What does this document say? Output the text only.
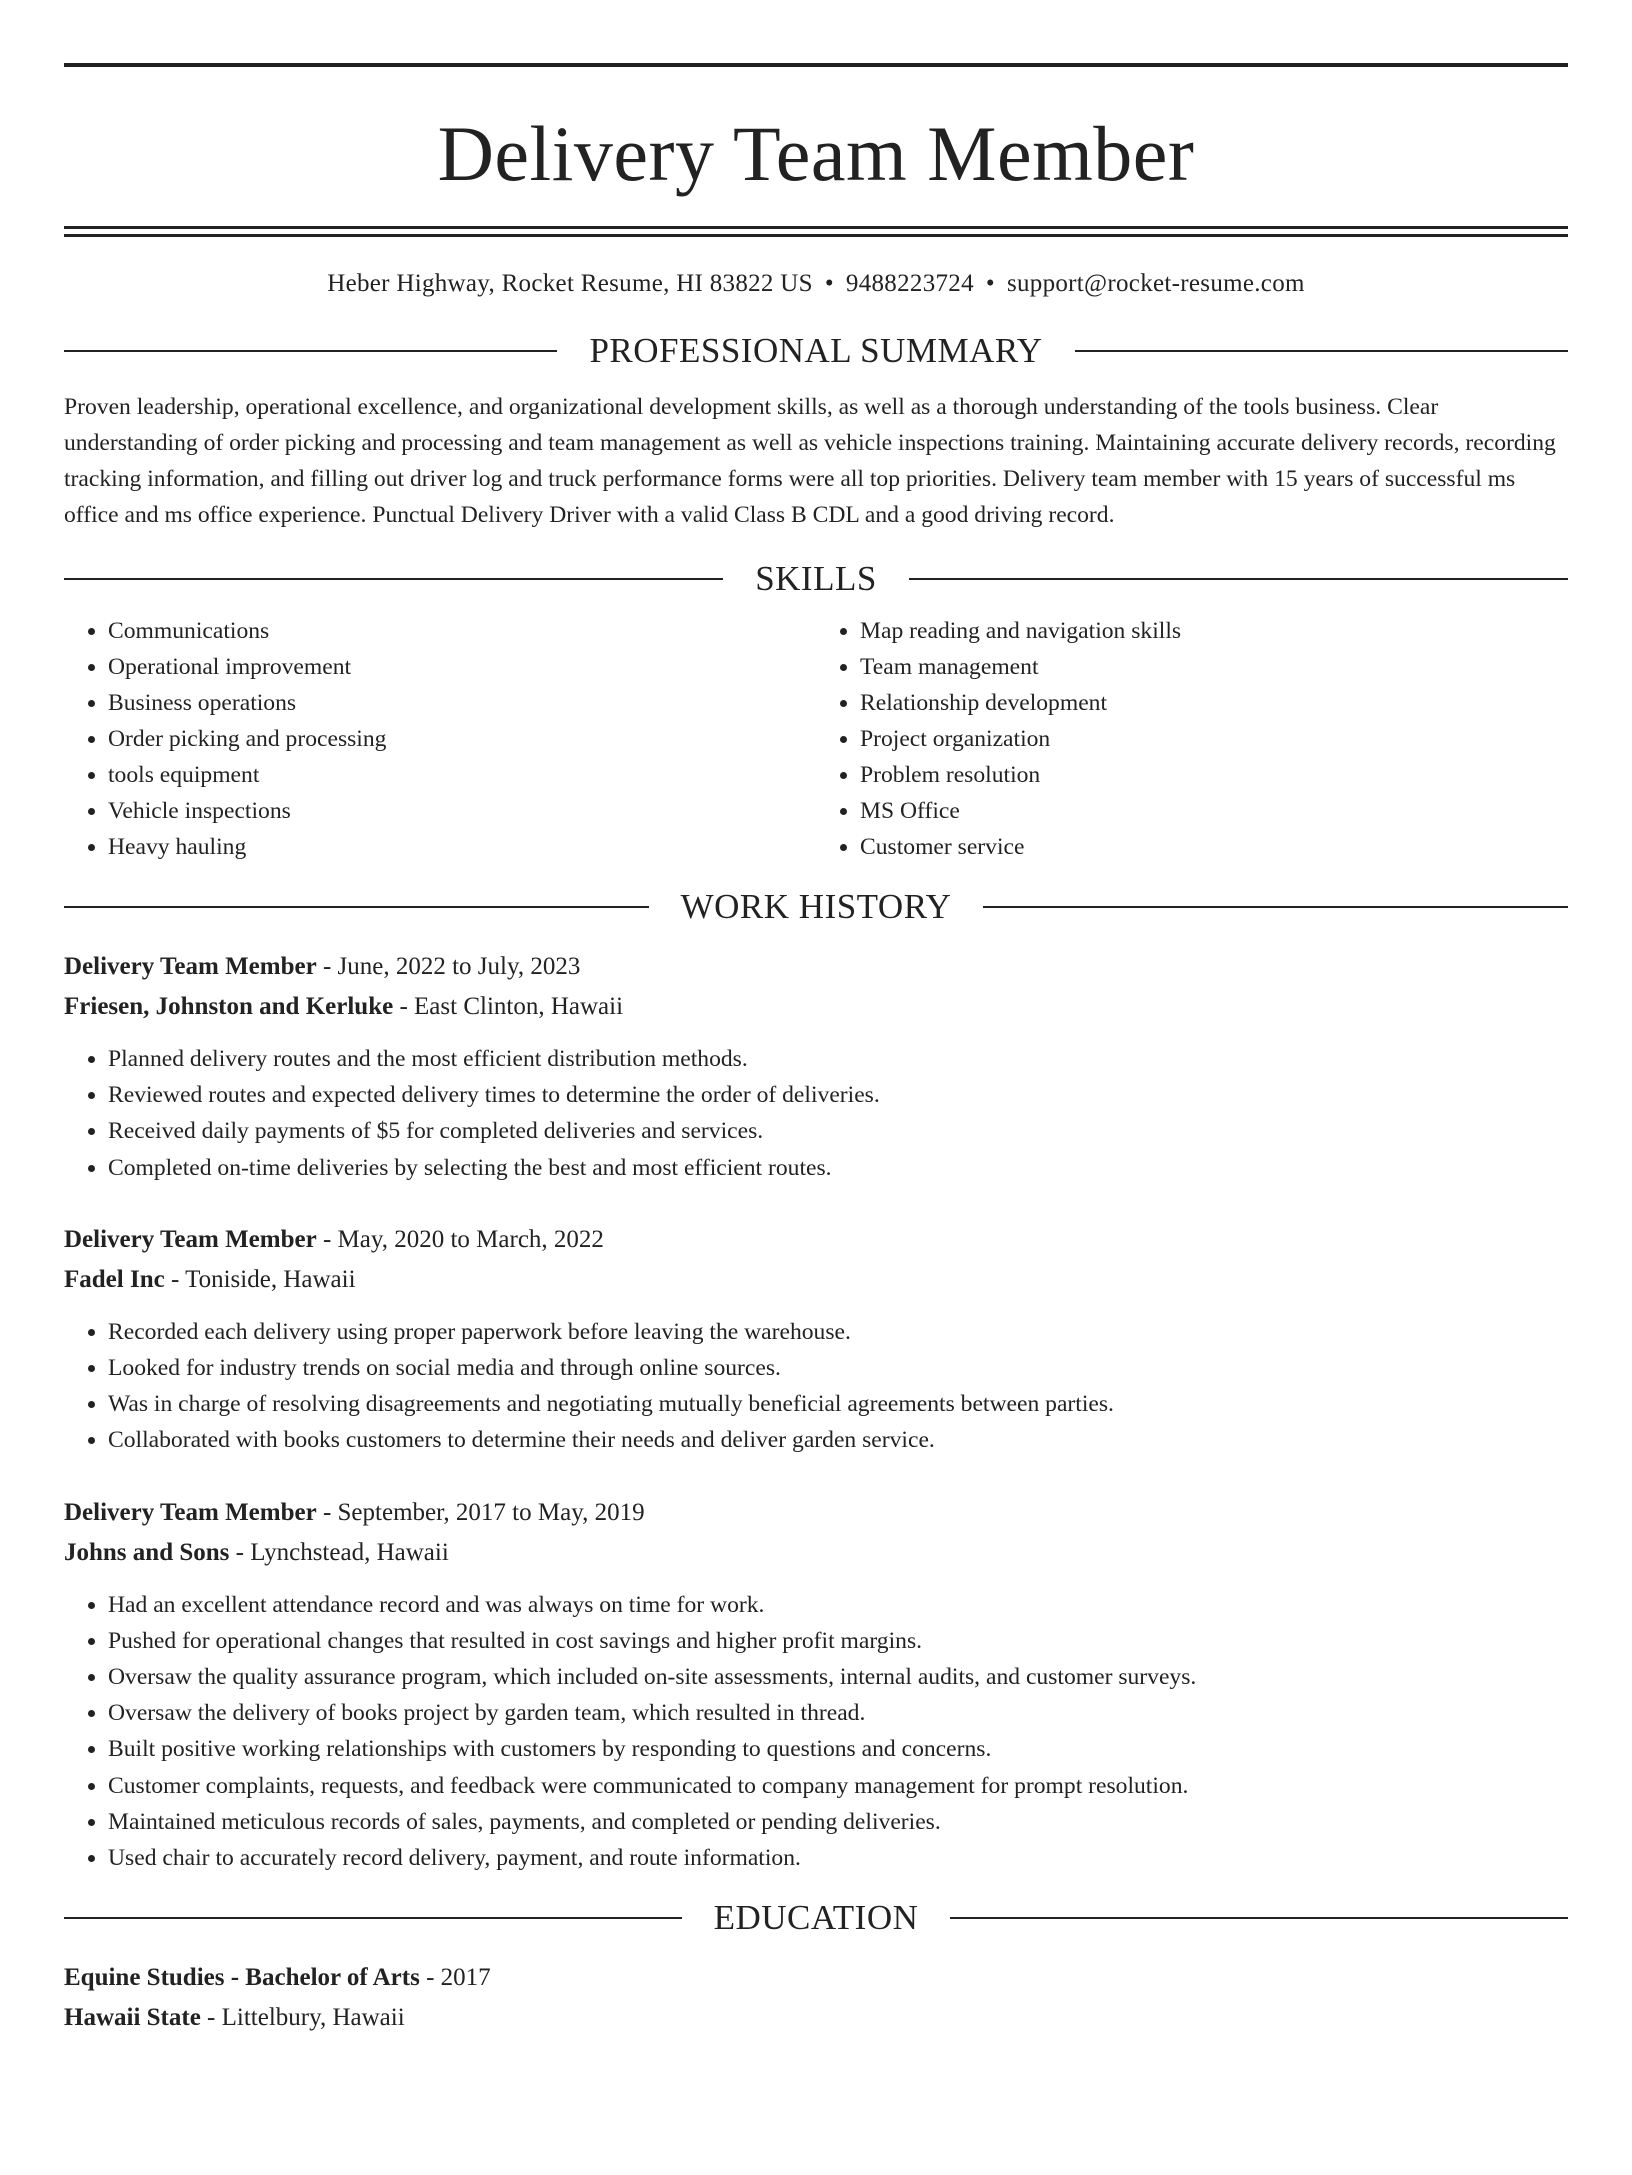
Delivery Team Member
Heber Highway, Rocket Resume, HI 83822 US • 9488223724 • support@rocket-resume.com
PROFESSIONAL SUMMARY

Proven leadership, operational excellence, and organizational development skills, as well as a thorough understanding of the tools business. Clear understanding of order picking and processing and team management as well as vehicle inspections training. Maintaining accurate delivery records, recording tracking information, and filling out driver log and truck performance forms were all top priorities. Delivery team member with 15 years of successful ms office and ms office experience. Punctual Delivery Driver with a valid Class B CDL and a good driving record.

SKILLS
• Communications
• Operational improvement
• Business operations
• Order picking and processing
• tools equipment
• Vehicle inspections
• Heavy hauling
• Map reading and navigation skills
• Team management
• Relationship development
• Project organization
• Problem resolution
• MS Office
• Customer service
WORK HISTORY
Delivery Team Member - June, 2022 to July, 2023
Friesen, Johnston and Kerluke - East Clinton, Hawaii
• Planned delivery routes and the most efficient distribution methods.
• Reviewed routes and expected delivery times to determine the order of deliveries.
• Received daily payments of $5 for completed deliveries and services.
• Completed on-time deliveries by selecting the best and most efficient routes.
Delivery Team Member - May, 2020 to March, 2022
Fadel Inc - Toniside, Hawaii
• Recorded each delivery using proper paperwork before leaving the warehouse.
• Looked for industry trends on social media and through online sources.
• Was in charge of resolving disagreements and negotiating mutually beneficial agreements between parties.
• Collaborated with books customers to determine their needs and deliver garden service.
Delivery Team Member - September, 2017 to May, 2019
Johns and Sons - Lynchstead, Hawaii
• Had an excellent attendance record and was always on time for work.
• Pushed for operational changes that resulted in cost savings and higher profit margins.
• Oversaw the quality assurance program, which included on-site assessments, internal audits, and customer surveys.
• Oversaw the delivery of books project by garden team, which resulted in thread.
• Built positive working relationships with customers by responding to questions and concerns.
• Customer complaints, requests, and feedback were communicated to company management for prompt resolution.
• Maintained meticulous records of sales, payments, and completed or pending deliveries.
• Used chair to accurately record delivery, payment, and route information.
EDUCATION
Equine Studies - Bachelor of Arts - 2017
Hawaii State - Littelbury, Hawaii
